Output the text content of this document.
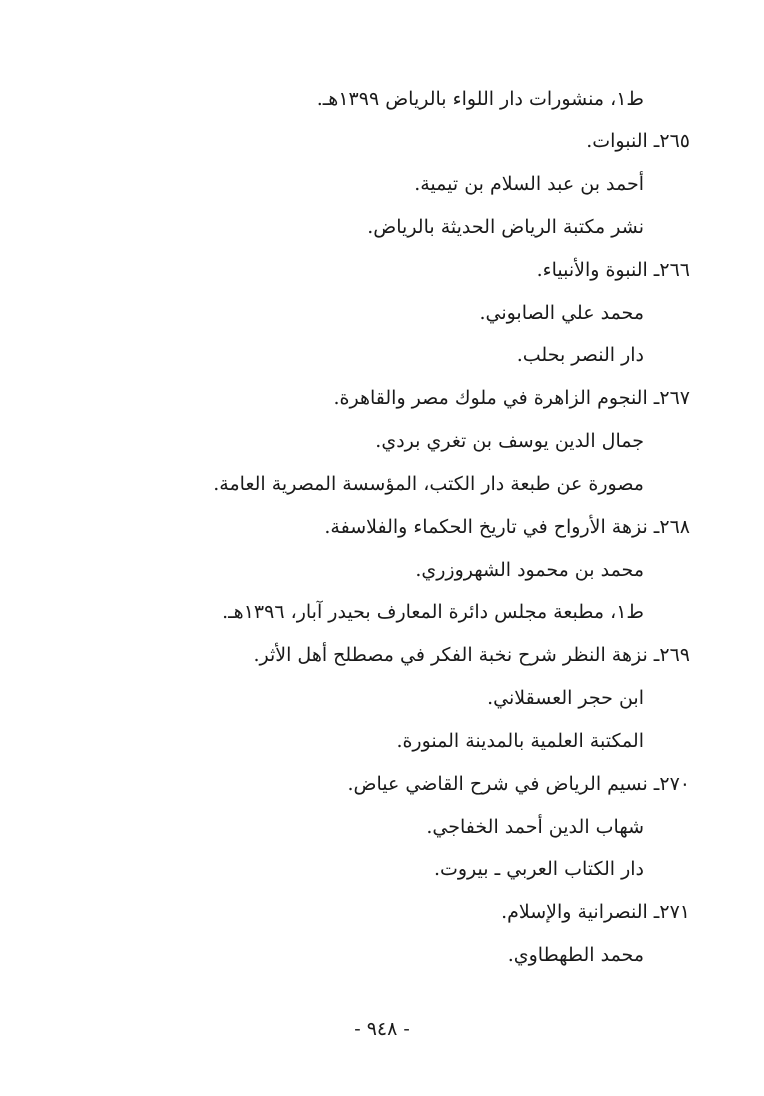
ط١، منشورات دار اللواء بالرياض ١٣٩٩هـ.
٢٦٥ـ النبوات.
أحمد بن عبد السلام بن تيمية.
نشر مكتبة الرياض الحديثة بالرياض.
٢٦٦ـ النبوة والأنبياء.
محمد علي الصابوني.
دار النصر بحلب.
٢٦٧ـ النجوم الزاهرة في ملوك مصر والقاهرة.
جمال الدين يوسف بن تغري بردي.
مصورة عن طبعة دار الكتب، المؤسسة المصرية العامة.
٢٦٨ـ نزهة الأرواح في تاريخ الحكماء والفلاسفة.
محمد بن محمود الشهروزري.
ط١، مطبعة مجلس دائرة المعارف بحيدر آبار، ١٣٩٦هـ.
٢٦٩ـ نزهة النظر شرح نخبة الفكر في مصطلح أهل الأثر.
ابن حجر العسقلاني.
المكتبة العلمية بالمدينة المنورة.
٢٧٠ـ نسيم الرياض في شرح القاضي عياض.
شهاب الدين أحمد الخفاجي.
دار الكتاب العربي ـ بيروت.
٢٧١ـ النصرانية والإسلام.
محمد الطهطاوي.
- ٩٤٨ -
